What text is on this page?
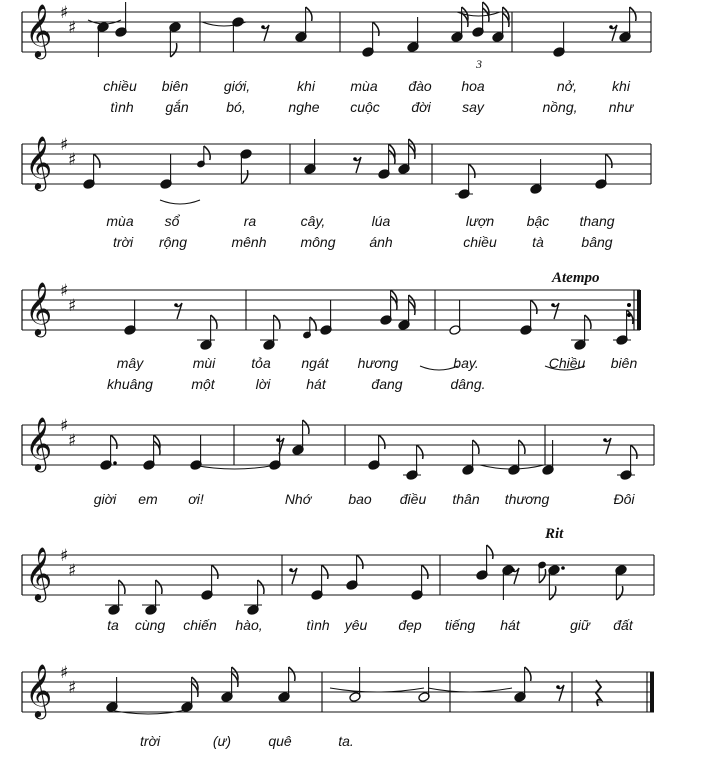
𝄞 ♯
♯
𝄞 ♯
♯
𝄞 ♯
♯
𝄞 ♯
♯
𝄞 ♯
♯
𝄞 ♯
♯
3
Atempo
Rit
chiều biên	giới,	khi	mùa đào hoa	nở, khi
tình gắn	bó,	nghe cuộc đời say	nồng, như
mùa sổ	ra	cây,	lúa	lượn bậc thang
trời rộng	mênh mông ánh	chiều	tà	bâng
mây	mùi	tỏa ngát hương	bay.	Chiều biên
khuâng	một	lời	hát	đang	dâng.
giời em ơi!	Nhớ	bao điều thân thương	Đôi
ta cùng chiến hào,	tình yêu đẹp tiếng hát	giữ đất
trời	(ư)	quê	ta.
